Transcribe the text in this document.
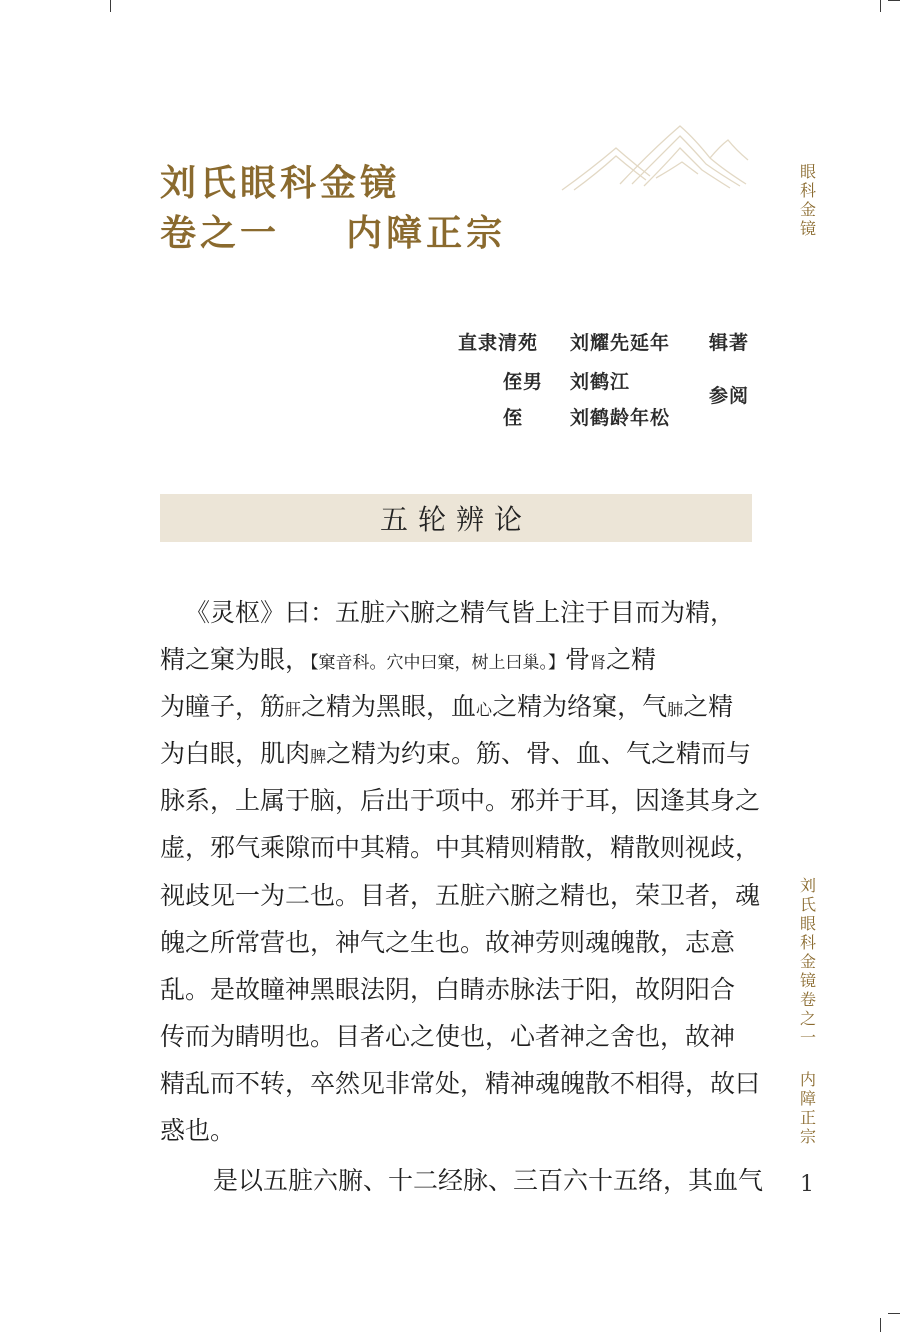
刘氏眼科金镜
卷之一    内障正宗
眼科金镜
刘氏眼科金镜卷之一
内障正宗
直隶清苑 刘耀先延年 辑著
侄男 刘鹤江
参阅
侄 刘鹤龄年松
五轮辨论
《灵枢》曰：五脏六腑之精气皆上注于目而为精，
精之窠为眼，【窠音科。穴中曰窠，树上曰巢。】骨肾之精
为瞳子，筋肝之精为黑眼，血心之精为络窠，气肺之精
为白眼，肌肉脾之精为约束。筋、骨、血、气之精而与
脉系，上属于脑，后出于项中。邪并于耳，因逢其身之
虚，邪气乘隙而中其精。中其精则精散，精散则视歧，
视歧见一为二也。目者，五脏六腑之精也，荣卫者，魂
魄之所常营也，神气之生也。故神劳则魂魄散，志意
乱。是故瞳神黑眼法阴，白睛赤脉法于阳，故阴阳合
传而为睛明也。目者心之使也，心者神之舍也，故神
精乱而不转，卒然见非常处，精神魂魄散不相得，故曰
惑也。
是以五脏六腑、十二经脉、三百六十五络，其血气 1
